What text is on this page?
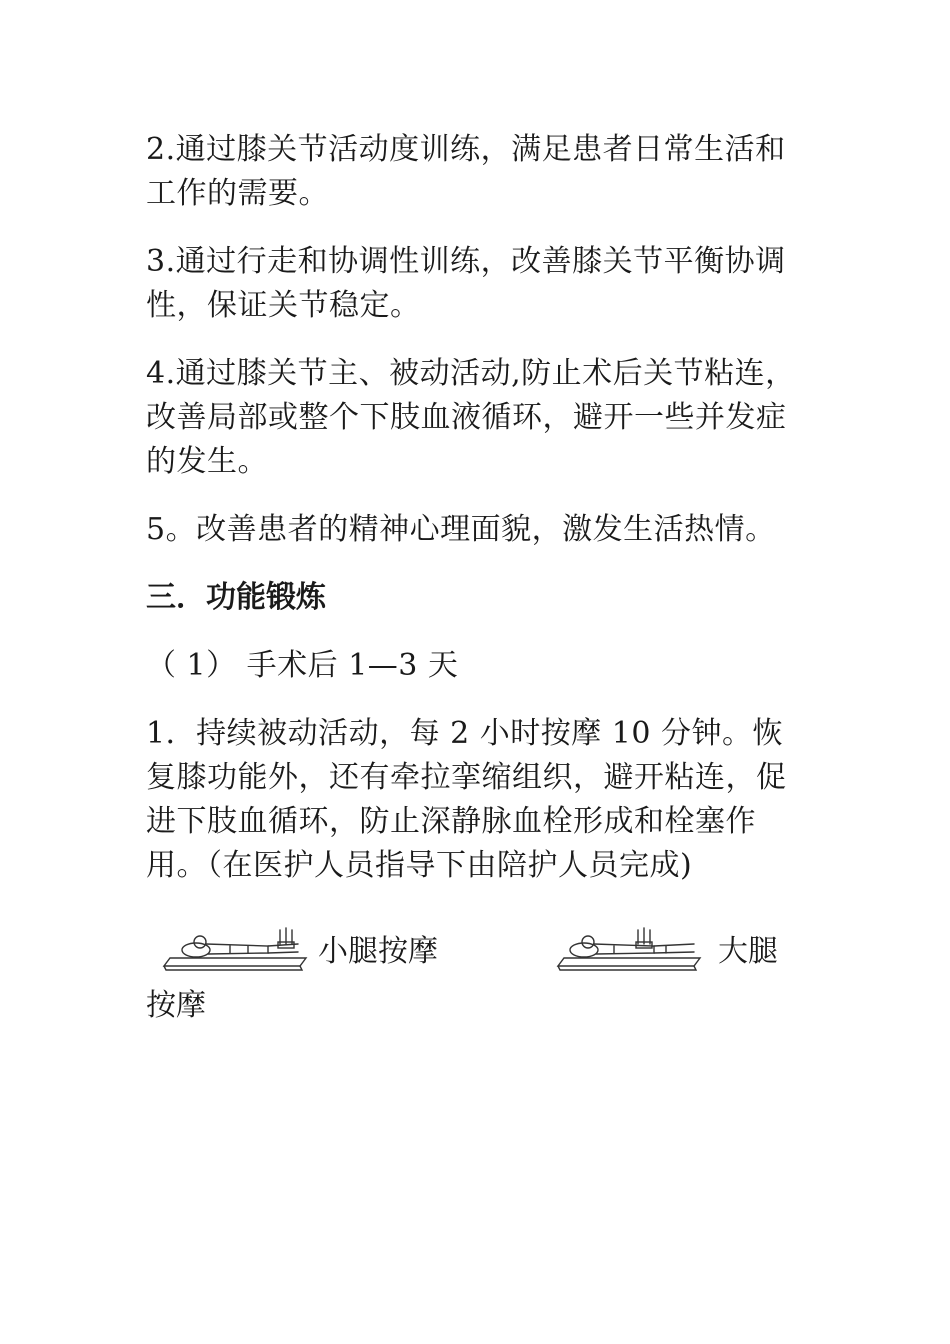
2.通过膝关节活动度训练，满足患者日常生活和工作的需要。

3.通过行走和协调性训练，改善膝关节平衡协调性，保证关节稳定。

4.通过膝关节主、被动活动,防止术后关节粘连，改善局部或整个下肢血液循环，避开一些并发症的发生。

5。改善患者的精神心理面貌，激发生活热情。

三．功能锻炼

（ 1） 手术后 1—3 天

1．持续被动活动，每 2 小时按摩 10 分钟。恢复膝功能外，还有牵拉挛缩组织，避开粘连，促进下肢血循环，防止深静脉血栓形成和栓塞作用。（在医护人员指导下由陪护人员完成)

小腿按摩	大腿
按摩
